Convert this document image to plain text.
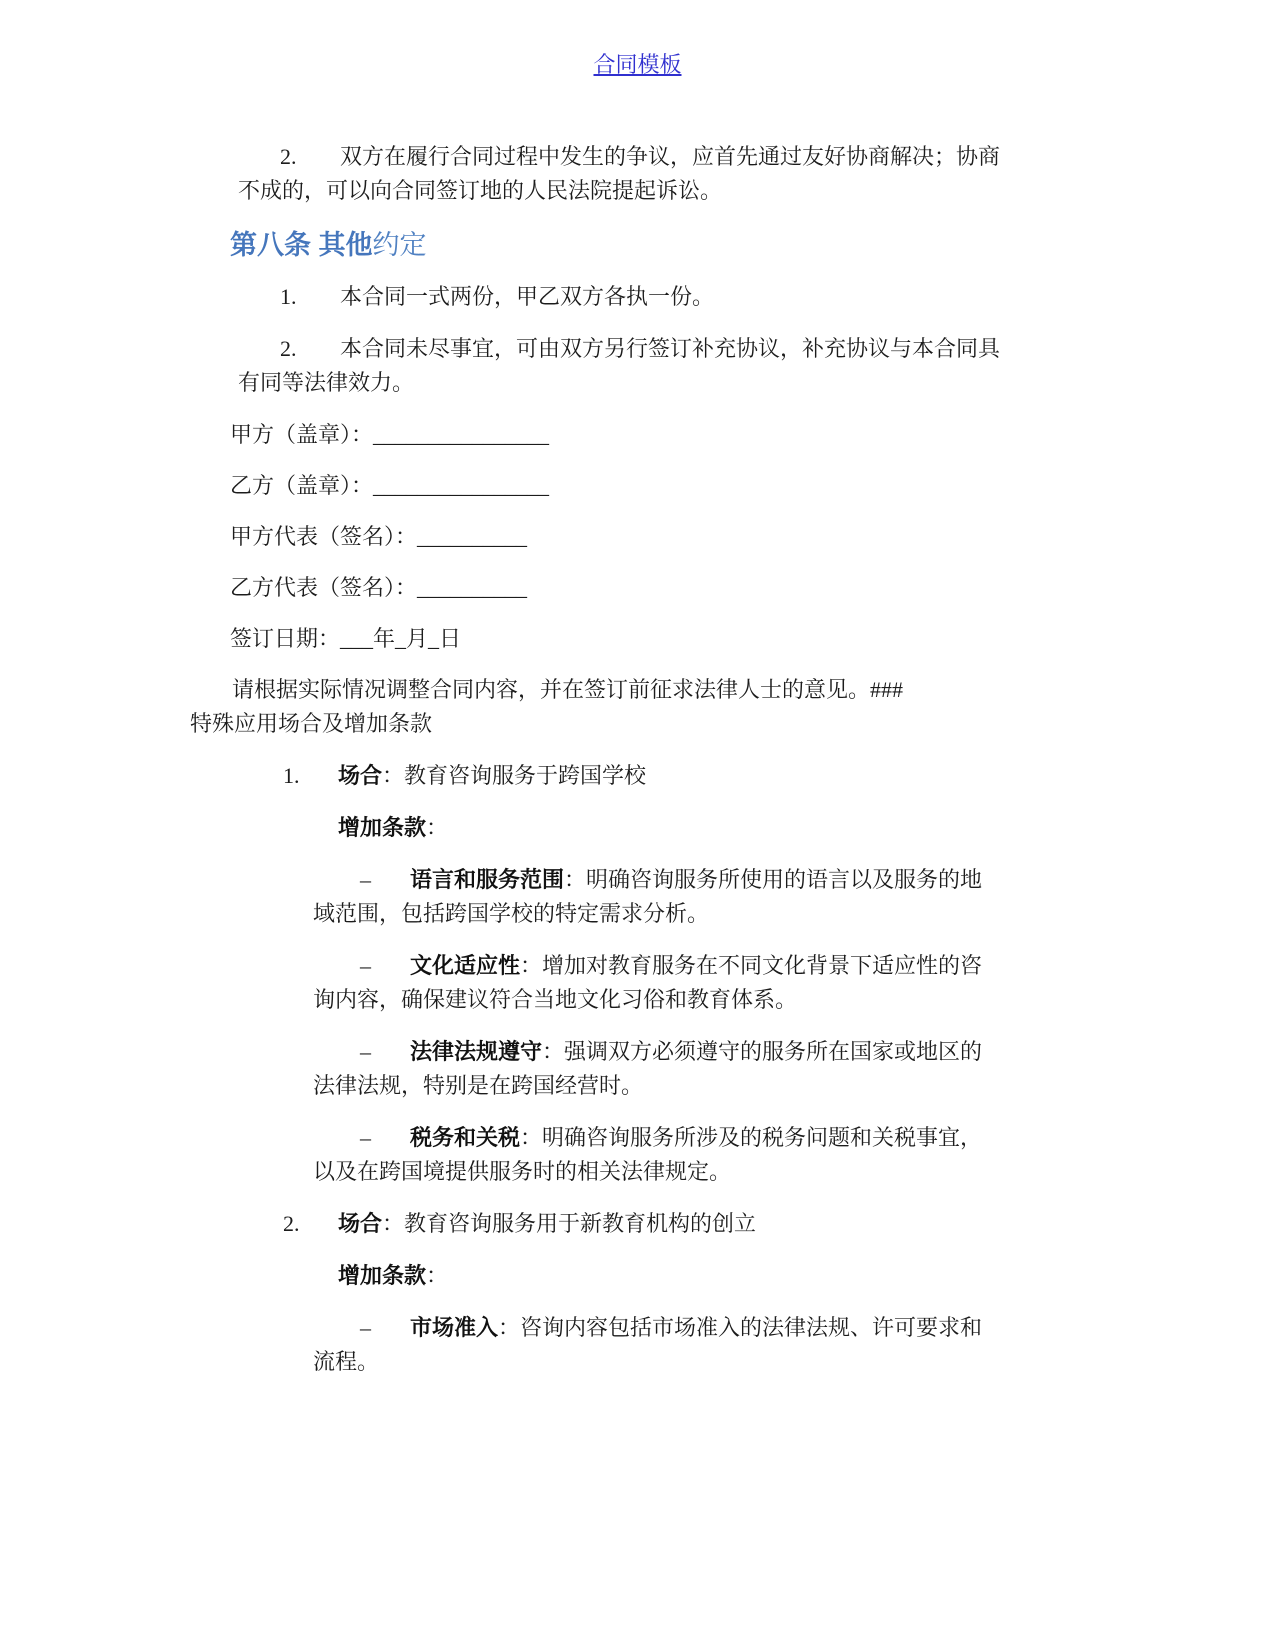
合同模板
2. 双方在履行合同过程中发生的争议，应首先通过友好协商解决；协商
不成的，可以向合同签订地的人民法院提起诉讼。
第八条 其他约定
1. 本合同一式两份，甲乙双方各执一份。
2. 本合同未尽事宜，可由双方另行签订补充协议，补充协议与本合同具
有同等法律效力。
甲方（盖章）：________________
乙方（盖章）：________________
甲方代表（签名）：__________
乙方代表（签名）：__________
签订日期：___年_月_日
请根据实际情况调整合同内容，并在签订前征求法律人士的意见。###
特殊应用场合及增加条款
1. 场合：教育咨询服务于跨国学校
增加条款：
– 语言和服务范围：明确咨询服务所使用的语言以及服务的地
域范围，包括跨国学校的特定需求分析。
– 文化适应性：增加对教育服务在不同文化背景下适应性的咨
询内容，确保建议符合当地文化习俗和教育体系。
– 法律法规遵守：强调双方必须遵守的服务所在国家或地区的
法律法规，特别是在跨国经营时。
– 税务和关税：明确咨询服务所涉及的税务问题和关税事宜，
以及在跨国境提供服务时的相关法律规定。
2. 场合：教育咨询服务用于新教育机构的创立
增加条款：
– 市场准入：咨询内容包括市场准入的法律法规、许可要求和
流程。
